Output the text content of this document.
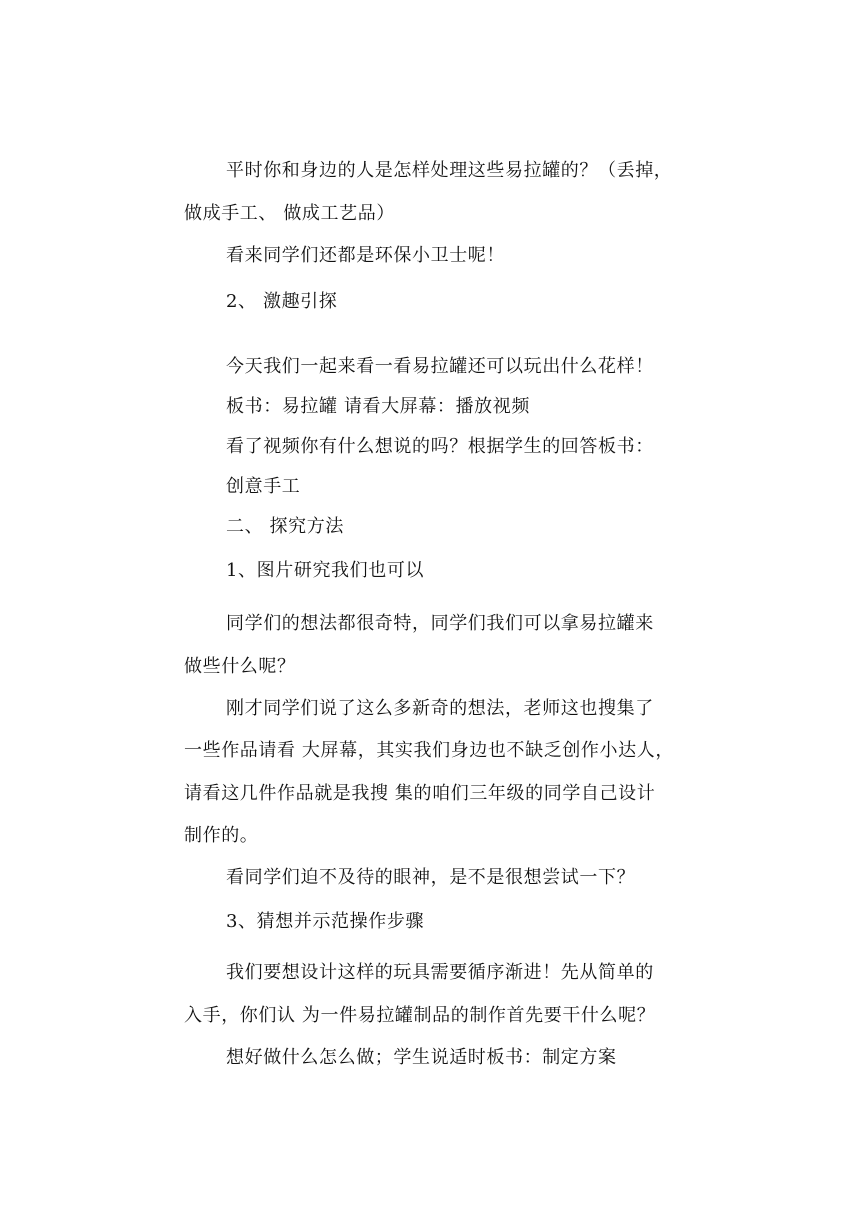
平时你和身边的人是怎样处理这些易拉罐的？（丢掉，
做成手工、 做成工艺品）
看来同学们还都是环保小卫士呢！
2、 激趣引探
今天我们一起来看一看易拉罐还可以玩出什么花样！
板书：易拉罐 请看大屏幕：播放视频
看了视频你有什么想说的吗？根据学生的回答板书：
创意手工
二、 探究方法
1、图片研究我们也可以
同学们的想法都很奇特，同学们我们可以拿易拉罐来
做些什么呢？
刚才同学们说了这么多新奇的想法，老师这也搜集了
一些作品请看 大屏幕，其实我们身边也不缺乏创作小达人，
请看这几件作品就是我搜 集的咱们三年级的同学自己设计
制作的。
看同学们迫不及待的眼神，是不是很想尝试一下？
3、猜想并示范操作步骤
我们要想设计这样的玩具需要循序渐进！先从简单的
入手，你们认 为一件易拉罐制品的制作首先要干什么呢？
想好做什么怎么做；学生说适时板书：制定方案
